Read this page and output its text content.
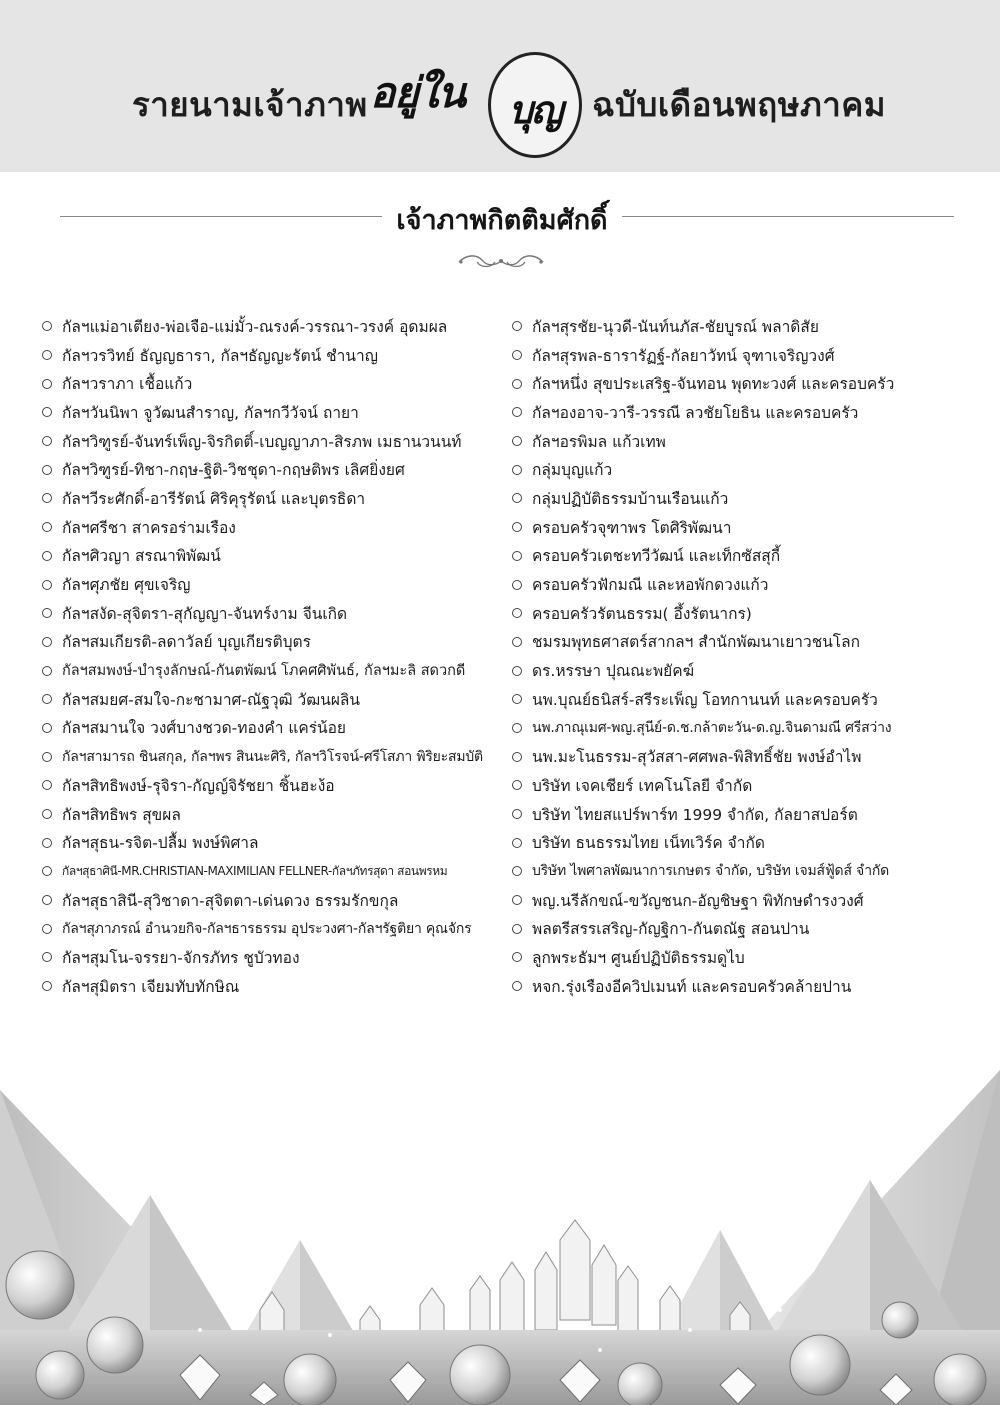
รายนามเจ้าภาพ อยู่ใน	บุญ ฉบับเดือนพฤษภาคม
เจ้าภาพกิตติมศักดิ์
กัลฯแม่อาเตียง-พ่อเจือ-แม่มั้ว-ณรงค์-วรรณา-วรงค์ อุดมผล
กัลฯวรวิทย์ ธัญญธารา, กัลฯธัญญะรัตน์ ชำนาญ
กัลฯวราภา เชื้อแก้ว
กัลฯวันนิพา จูวัฒนสำราญ, กัลฯกวีวัจน์ ถายา
กัลฯวิฑูรย์-จันทร์เพ็ญ-จิรกิตติ์-เบญญาภา-สิรภพ เมธานวนนท์
กัลฯวิฑูรย์-ทิชา-กฤษ-ฐิติ-วิชชุดา-กฤษติพร เลิศยิ่งยศ
กัลฯวีระศักดิ์-อารีรัตน์ ศิริคุรุรัตน์ และบุตรธิดา
กัลฯศรีชา สาครอร่ามเรือง
กัลฯศิวญา สรณาพิพัฒน์
กัลฯศุภชัย ศุขเจริญ
กัลฯสงัด-สุจิตรา-สุกัญญา-จันทร์งาม จีนเกิด
กัลฯสมเกียรติ-ลดาวัลย์ บุญเกียรติบุตร
กัลฯสมพงษ์-บำรุงลักษณ์-กันตพัฒน์ โภคศศิพันธ์, กัลฯมะลิ สดวกดี
กัลฯสมยศ-สมใจ-กะชามาศ-ณัฐวุฒิ วัฒนผลิน
กัลฯสมานใจ วงศ์บางชวด-ทองคำ แคร่น้อย
กัลฯสามารถ ชินสกุล, กัลฯพร สินนะศิริ, กัลฯวิโรจน์-ศรีโสภา พิริยะสมบัติ
กัลฯสิทธิพงษ์-รุจิรา-กัญญ์จิรัชยา ชิ้นฮะง้อ
กัลฯสิทธิพร สุขผล
กัลฯสุธน-รจิต-ปลื้ม พงษ์พิศาล
กัลฯสุธาศินี-MR.CHRISTIAN-MAXIMILIAN FELLNER-กัลฯภัทรสุดา สอนพรหม
กัลฯสุธาสินี-สุวิชาดา-สุจิตตา-เด่นดวง ธรรมรักขกุล
กัลฯสุภาภรณ์ อำนวยกิจ-กัลฯธารธรรม อุประวงศา-กัลฯรัฐติยา คุณจักร
กัลฯสุมโน-จรรยา-จักรภัทร ชูบัวทอง
กัลฯสุมิตรา เจียมทับทักษิณ
กัลฯสุรชัย-นุวดี-นันท์นภัส-ชัยบูรณ์ พลาดิสัย
กัลฯสุรพล-ธารารัฏฐ์-กัลยาวัทน์ จุฑาเจริญวงศ์
กัลฯหนึ่ง สุขประเสริฐ-จันทอน พุดทะวงศ์ และครอบครัว
กัลฯองอาจ-วารี-วรรณี ลวชัยโยธิน และครอบครัว
กัลฯอรพิมล แก้วเทพ
กลุ่มบุญแก้ว
กลุ่มปฏิบัติธรรมบ้านเรือนแก้ว
ครอบครัวจุฑาพร โตศิริพัฒนา
ครอบครัวเตชะทวีวัฒน์ และเท็กซัสสุกี้
ครอบครัวฟักมณี และหอพักดวงแก้ว
ครอบครัวรัตนธรรม( อึ้งรัตนากร)
ชมรมพุทธศาสตร์สากลฯ สำนักพัฒนาเยาวชนโลก
ดร.หรรษา ปุณณะพยัคฆ์
นพ.บุณย์ธนิสร์-สรีระเพ็ญ โอทกานนท์ และครอบครัว
นพ.ภาณุเมศ-พญ.สุนีย์-ด.ช.กล้าตะวัน-ด.ญ.จินดามณี ศรีสว่าง
นพ.มะโนธรรม-สุวัสสา-ศศพล-พิสิทธิ์ชัย พงษ์อำไพ
บริษัท เจคเชียร์ เทคโนโลยี จำกัด
บริษัท ไทยสแปร์พาร์ท 1999 จำกัด, กัลยาสปอร์ต
บริษัท ธนธรรมไทย เน็ทเวิร์ค จำกัด
บริษัท ไพศาลพัฒนาการเกษตร จำกัด, บริษัท เจมส์ฟู้ดส์ จำกัด
พญ.นรีลักขณ์-ขวัญชนก-อัญชิษฐา พิทักษดำรงวงศ์
พลตรีสรรเสริญ-กัญฐิกา-กันตณัฐ สอนปาน
ลูกพระธัมฯ ศูนย์ปฏิบัติธรรมดูไบ
หจก.รุ่งเรืองอีควิปเมนท์ และครอบครัวคล้ายปาน
